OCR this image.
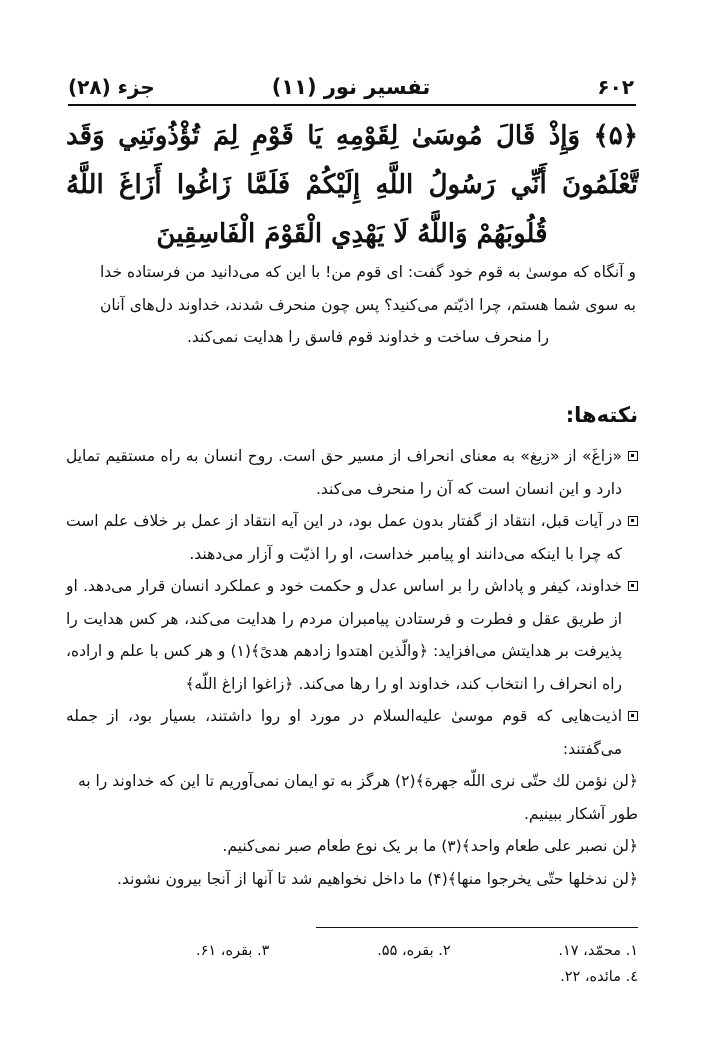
۶۰۲
تفسیر نور (۱۱)
جزء (۲۸)
﴿۵﴾ وَإِذْ قَالَ مُوسَىٰ لِقَوْمِهِ يَا قَوْمِ لِمَ تُؤْذُونَنِي وَقَد تَّعْلَمُونَ أَنِّي رَسُولُ اللَّهِ إِلَيْكُمْ فَلَمَّا زَاغُوا أَزَاغَ اللَّهُ قُلُوبَهُمْ وَاللَّهُ لَا يَهْدِي الْقَوْمَ الْفَاسِقِينَ
و آنگاه که موسیٰ به قوم خود گفت: ای قوم من! با این که می‌دانید من فرستاده خدا به سوی شما هستم، چرا اذیّتم می‌کنید؟ پس چون منحرف شدند، خداوند دل‌های آنان را منحرف ساخت و خداوند قوم فاسق را هدایت نمی‌کند.
نکته‌ها:
«زاغَ» از «زیغ» به معنای انحراف از مسیر حق است. روح انسان به راه مستقیم تمایل دارد و این انسان است که آن را منحرف می‌کند.
در آیات قبل، انتقاد از گفتار بدون عمل بود، در این آیه انتقاد از عمل بر خلاف علم است که چرا با اینکه می‌دانند او پیامبر خداست، او را اذیّت و آزار می‌دهند.
خداوند، کیفر و پاداش را بر اساس عدل و حکمت خود و عملکرد انسان قرار می‌دهد. او از طریق عقل و فطرت و فرستادن پیامبران مردم را هدایت می‌کند، هر کس هدایت را پذیرفت بر هدایتش می‌افزاید: ﴿والّذین اهتدوا زادهم هدیً﴾(۱) و هر کس با علم و اراده، راه انحراف را انتخاب کند، خداوند او را رها می‌کند. ﴿زاغوا ازاغ اللّه﴾
اذیت‌هایی که قوم موسیٰ علیه‌السلام در مورد او روا داشتند، بسیار بود، از جمله می‌گفتند:
﴿لن نؤمن لك حتّی نری اللّه جهرة﴾(۲) هرگز به تو ایمان نمی‌آوریم تا این که خداوند را به طور آشکار ببینیم.
﴿لن نصبر علی طعام واحد﴾(۳) ما بر یک نوع طعام صبر نمی‌کنیم.
﴿لن ندخلها حتّی یخرجوا منها﴾(۴) ما داخل نخواهیم شد تا آنها از آنجا بیرون نشوند.
۱. محمّد، ۱۷.
۲. بقره، ۵۵.
۳. بقره، ۶۱.
٤. مائده، ۲۲.
